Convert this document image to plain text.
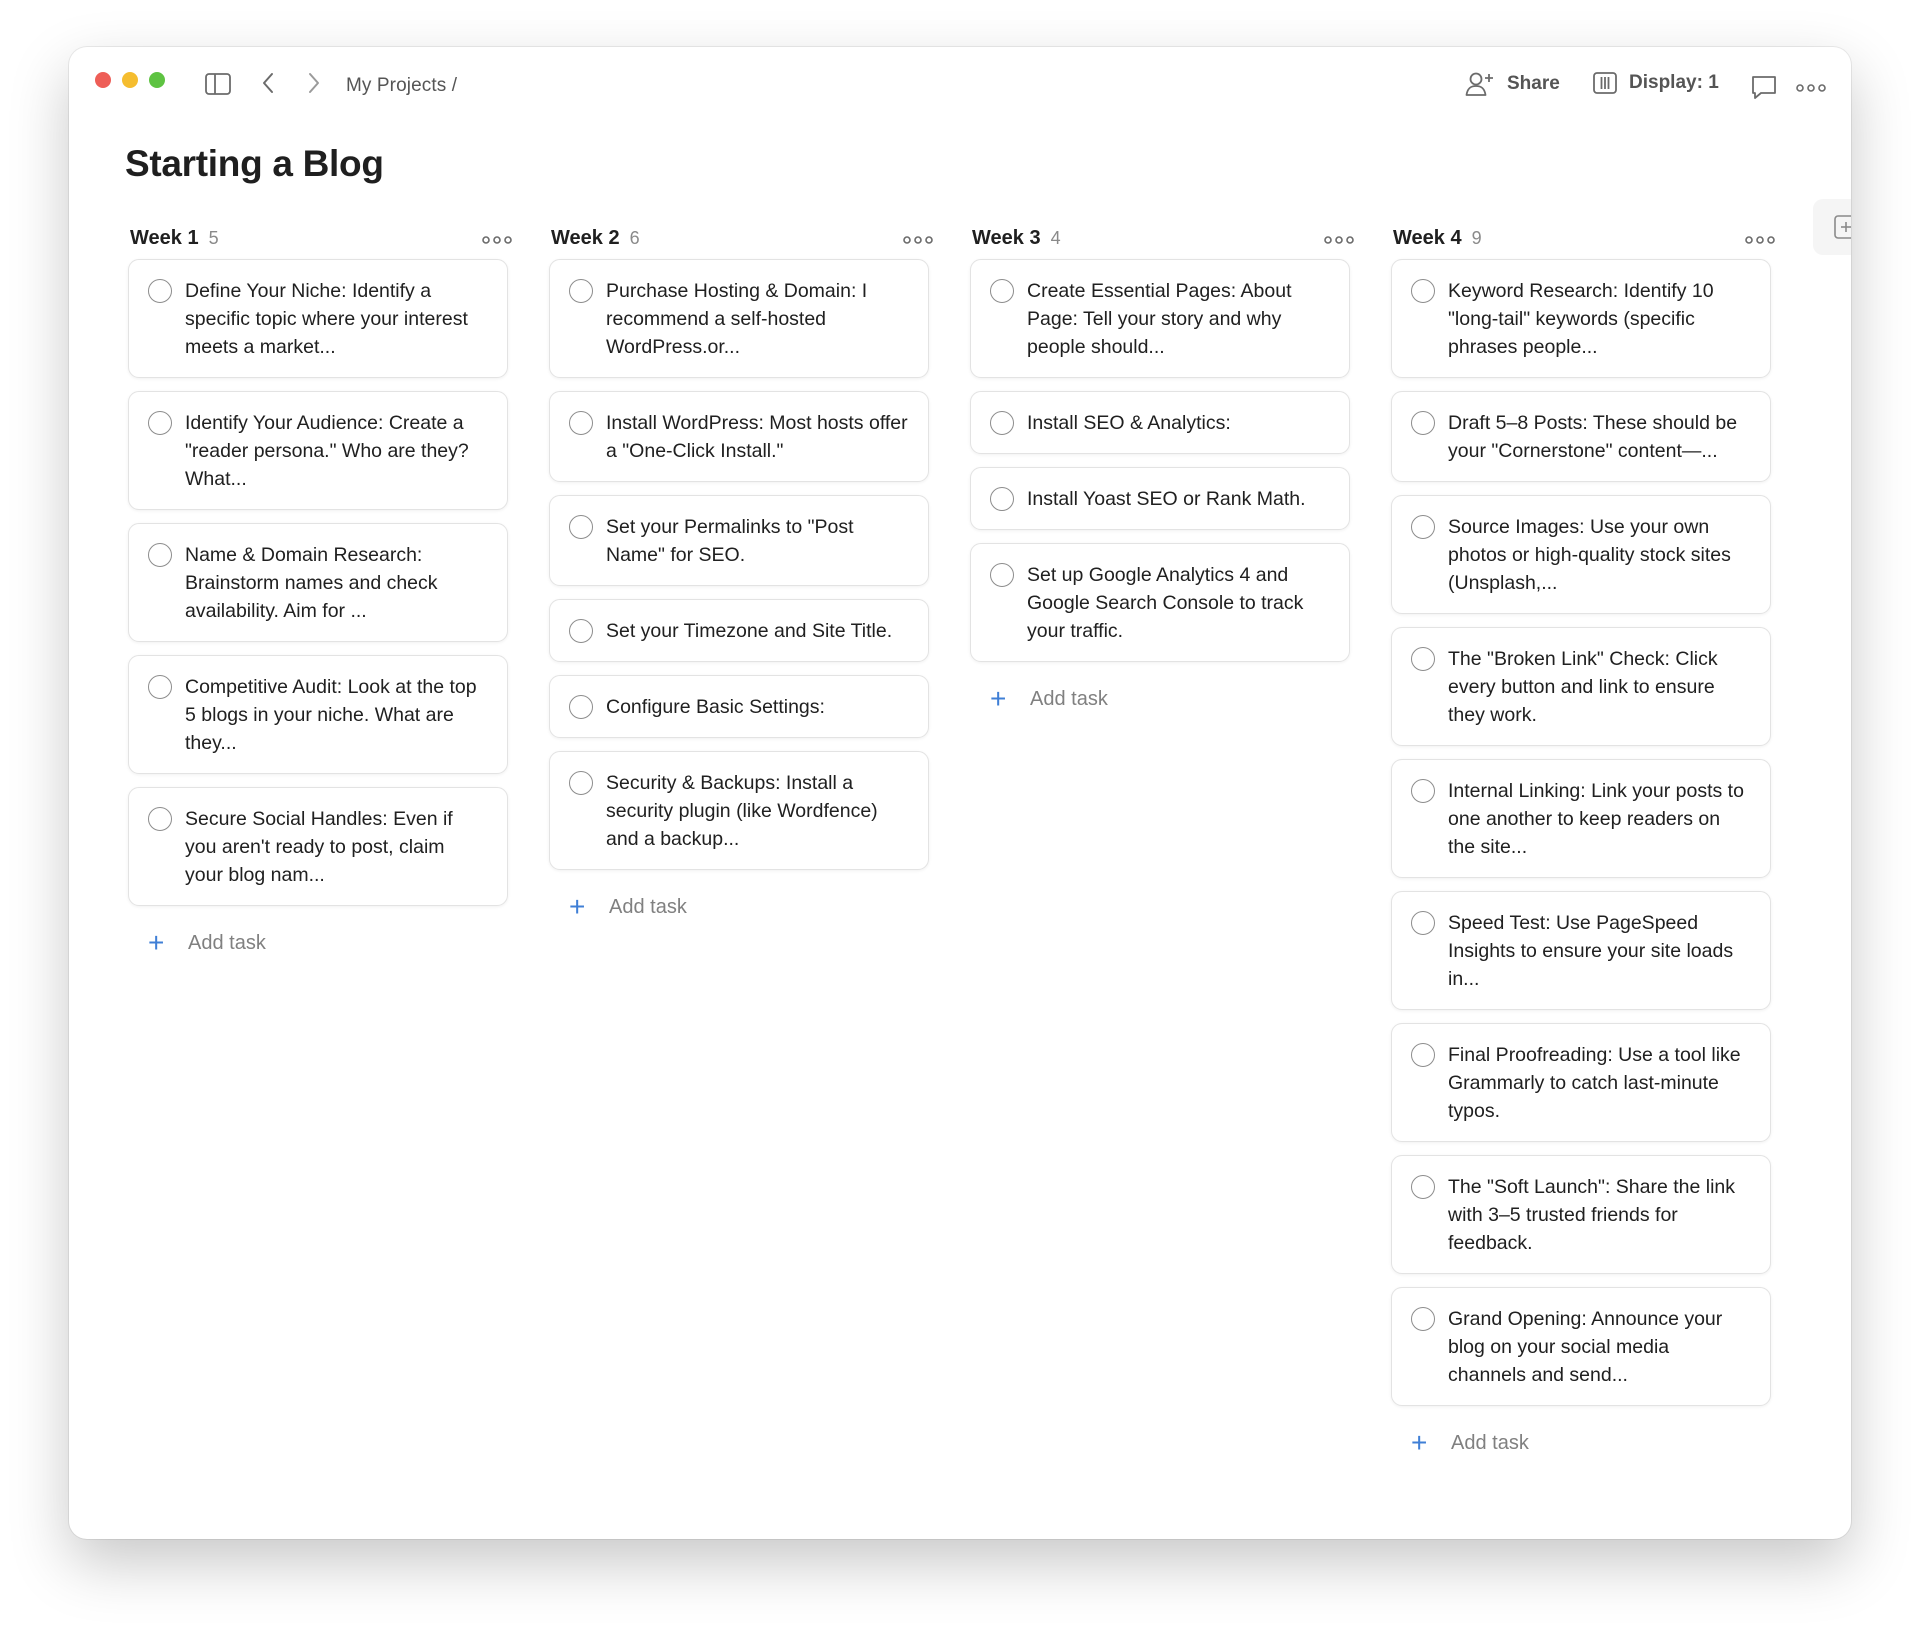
My Projects /	Share	Display: 1
Starting a Blog
Week 1 5
Define Your Niche: Identify a specific topic where your interest meets a market...
Identify Your Audience: Create a "reader persona." Who are they? What...
Name & Domain Research: Brainstorm names and check availability. Aim for ...
Competitive Audit: Look at the top 5 blogs in your niche. What are they...
Secure Social Handles: Even if you aren't ready to post, claim your blog nam...
+ Add task
Week 2 6
Purchase Hosting & Domain: I recommend a self-hosted WordPress.or...
Install WordPress: Most hosts offer a "One-Click Install."
Set your Permalinks to "Post Name" for SEO.
Set your Timezone and Site Title.
Configure Basic Settings:
Security & Backups: Install a security plugin (like Wordfence) and a backup...
+ Add task
Week 3 4
Create Essential Pages: About Page: Tell your story and why people should...
Install SEO & Analytics:
Install Yoast SEO or Rank Math.
Set up Google Analytics 4 and Google Search Console to track your traffic.
+ Add task
Week 4 9
Keyword Research: Identify 10 "long-tail" keywords (specific phrases people...
Draft 5–8 Posts: These should be your "Cornerstone" content—...
Source Images: Use your own photos or high-quality stock sites (Unsplash,...
The "Broken Link" Check: Click every button and link to ensure they work.
Internal Linking: Link your posts to one another to keep readers on the site...
Speed Test: Use PageSpeed Insights to ensure your site loads in...
Final Proofreading: Use a tool like Grammarly to catch last-minute typos.
The "Soft Launch": Share the link with 3–5 trusted friends for feedback.
Grand Opening: Announce your blog on your social media channels and send...
+ Add task
